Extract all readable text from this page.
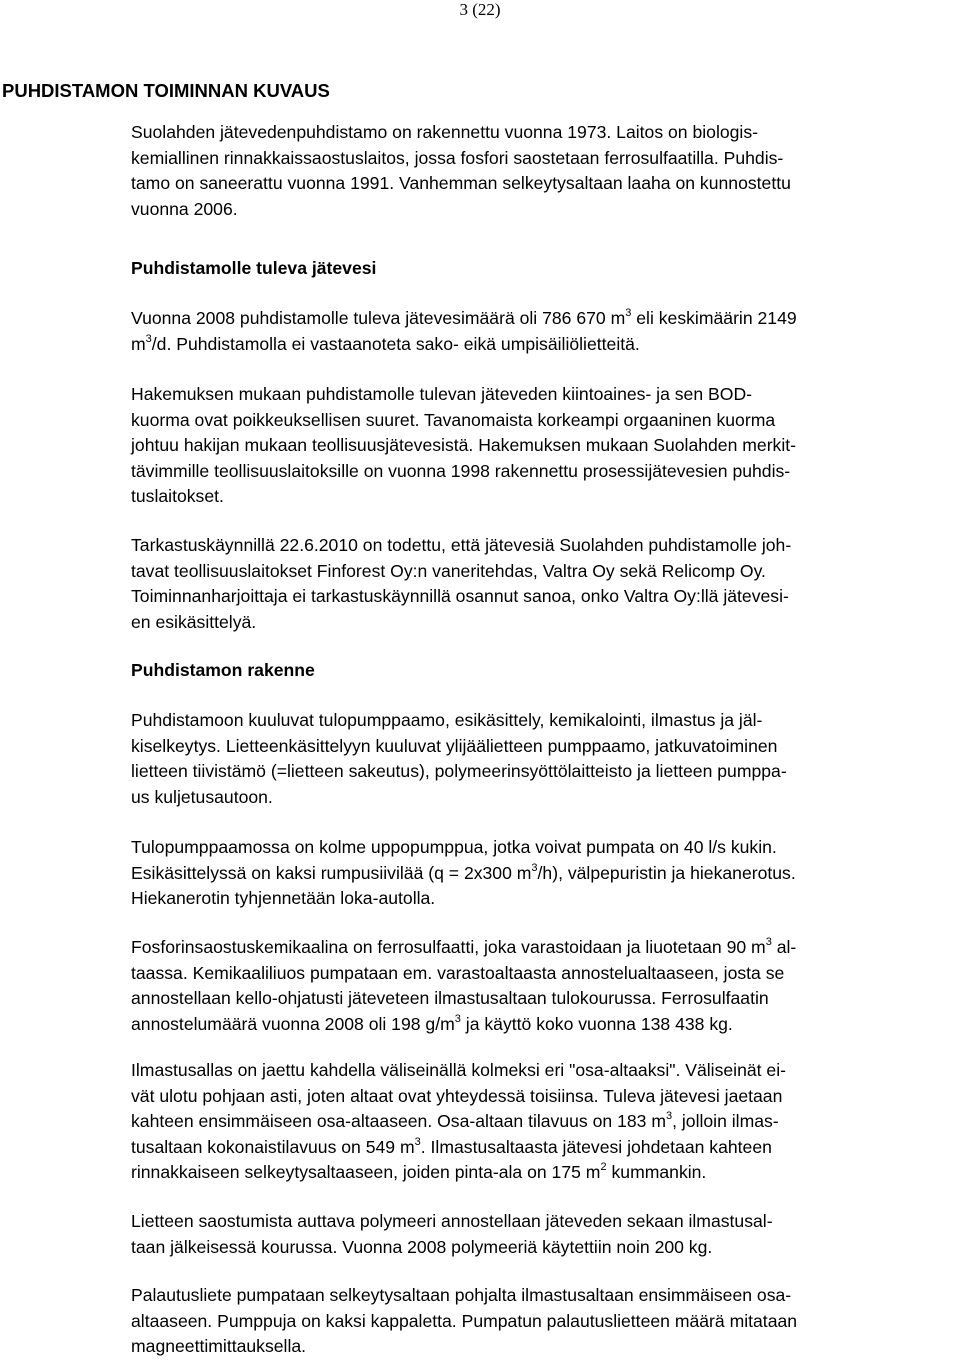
3 (22)
PUHDISTAMON TOIMINNAN KUVAUS

Suolahden jätevedenpuhdistamo on rakennettu vuonna 1973. Laitos on biologis-
kemiallinen rinnakkaissaostuslaitos, jossa fosfori saostetaan ferrosulfaatilla. Puhdis-
tamo on saneerattu vuonna 1991. Vanhemman selkeytysaltaan laaha on kunnostettu
vuonna 2006.

Puhdistamolle tuleva jätevesi

Vuonna 2008 puhdistamolle tuleva jätevesimäärä oli 786 670 $m^3$ eli keskimäärin 2149
$m^3/d$. Puhdistamolla ei vastaanoteta sako- eikä umpisäiliölietteitä.

Hakemuksen mukaan puhdistamolle tulevan jäteveden kiintoaines- ja sen BOD-
kuorma ovat poikkeuksellisen suuret. Tavanomaista korkeampi orgaaninen kuorma
johtuu hakijan mukaan teollisuusjätevesistä. Hakemuksen mukaan Suolahden merkit-
tävimmille teollisuuslaitoksille on vuonna 1998 rakennettu prosessijätevesien puhdis-
tuslaitokset.

Tarkastuskäynnillä 22.6.2010 on todettu, että jätevesiä Suolahden puhdistamolle joh-
tavat teollisuuslaitokset Finforest Oy:n vaneritehdas, Valtra Oy sekä Relicomp Oy.
Toiminnanharjoittaja ei tarkastuskäynnillä osannut sanoa, onko Valtra Oy:llä jätevesi-
en esikäsittelyä.

Puhdistamon rakenne

Puhdistamoon kuuluvat tulopumppaamo, esikäsittely, kemikalointi, ilmastus ja jäl-
kiselkeytys. Lietteenkäsittelyyn kuuluvat ylijäälietteen pumppaamo, jatkuvatoiminen
lietteen tiivistämö (=lietteen sakeutus), polymeerinsyöttölaitteisto ja lietteen pumppa-
us kuljetusautoon.

Tulopumppaamossa on kolme uppopumppua, jotka voivat pumpata on 40 l/s kukin.
Esikäsittelyssä on kaksi rumpusiivilää (q = 2x300 $m^3/h$), välpepuristin ja hiekanerotus.
Hiekanerotin tyhjennetään loka-autolla.

Fosforinsaostuskemikaalina on ferrosulfaatti, joka varastoidaan ja liuotetaan 90 $m^3$ al-
taassa. Kemikaaliliuos pumpataan em. varastoaltaasta annostelualtaaseen, josta se
annostellaan kello-ohjatusti jäteveteen ilmastusaltaan tulokourussa. Ferrosulfaatin
annostelumäärä vuonna 2008 oli 198 $g/m^3$ ja käyttö koko vuonna 138 438 kg.

Ilmastusallas on jaettu kahdella väliseinällä kolmeksi eri "osa-altaaksi". Väliseinät ei-
vät ulotu pohjaan asti, joten altaat ovat yhteydessä toisiinsa. Tuleva jätevesi jaetaan
kahteen ensimmäiseen osa-altaaseen. Osa-altaan tilavuus on 183 $m^3$, jolloin ilmas-
tusaltaan kokonaistilavuus on 549 $m^3$. Ilmastusaltaasta jätevesi johdetaan kahteen
rinnakkaiseen selkeytysaltaaseen, joiden pinta-ala on 175 $m^2$ kummankin.

Lietteen saostumista auttava polymeeri annostellaan jäteveden sekaan ilmastusal-
taan jälkeisessä kourussa. Vuonna 2008 polymeeriä käytettiin noin 200 kg.

Palautusliete pumpataan selkeytysaltaan pohjalta ilmastusaltaan ensimmäiseen osa-
altaaseen. Pumppuja on kaksi kappaletta. Pumpatun palautuslietteen määrä mitataan
magneettimittauksella.
